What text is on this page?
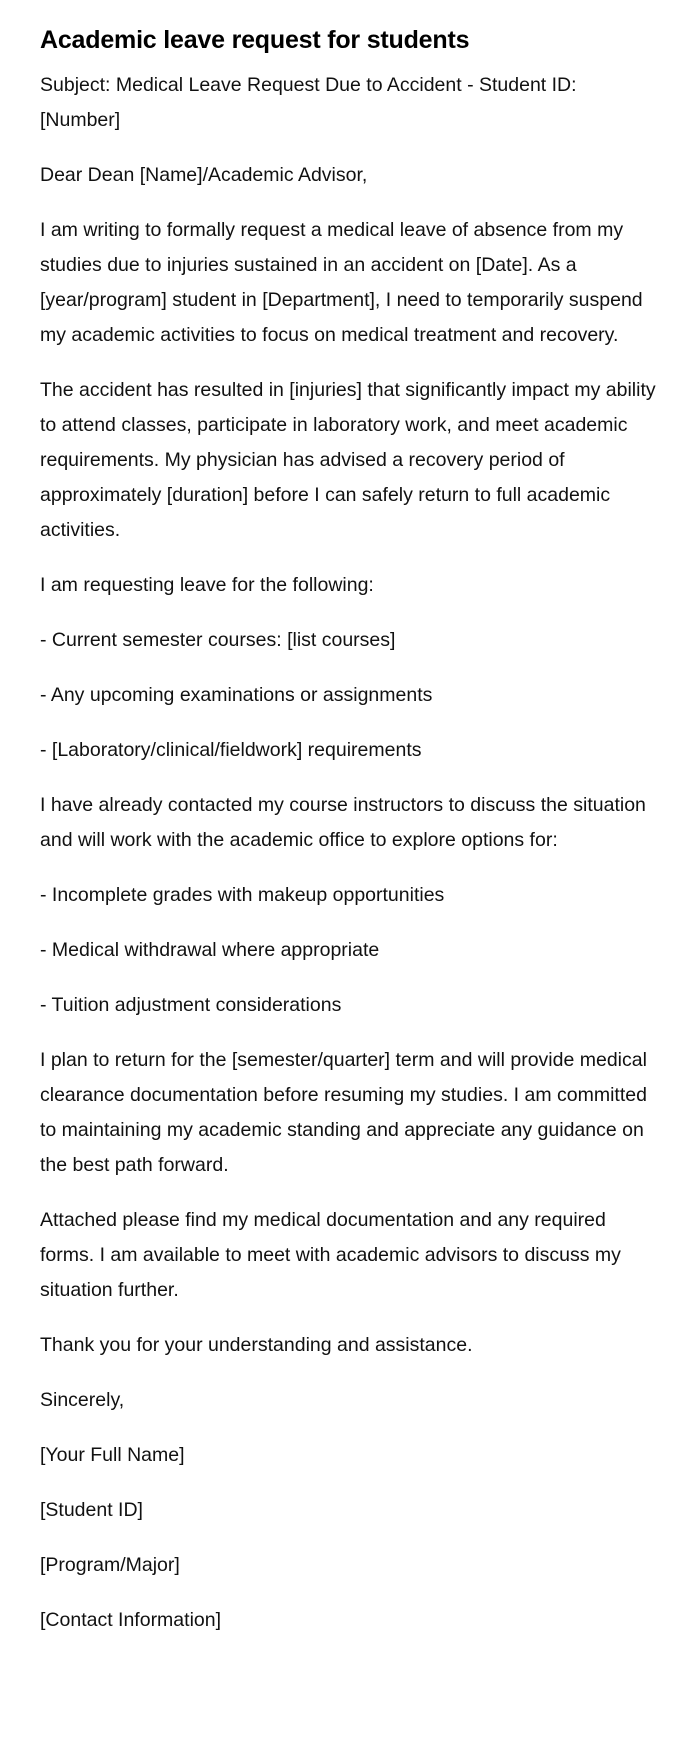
Academic leave request for students

Subject: Medical Leave Request Due to Accident - Student ID: [Number]

Dear Dean [Name]/Academic Advisor,

I am writing to formally request a medical leave of absence from my studies due to injuries sustained in an accident on [Date]. As a [year/program] student in [Department], I need to temporarily suspend my academic activities to focus on medical treatment and recovery.

The accident has resulted in [injuries] that significantly impact my ability to attend classes, participate in laboratory work, and meet academic requirements. My physician has advised a recovery period of approximately [duration] before I can safely return to full academic activities.

I am requesting leave for the following:

- Current semester courses: [list courses]

- Any upcoming examinations or assignments

- [Laboratory/clinical/fieldwork] requirements

I have already contacted my course instructors to discuss the situation and will work with the academic office to explore options for:

- Incomplete grades with makeup opportunities

- Medical withdrawal where appropriate

- Tuition adjustment considerations

I plan to return for the [semester/quarter] term and will provide medical clearance documentation before resuming my studies. I am committed to maintaining my academic standing and appreciate any guidance on the best path forward.

Attached please find my medical documentation and any required forms. I am available to meet with academic advisors to discuss my situation further.

Thank you for your understanding and assistance.

Sincerely,

[Your Full Name]

[Student ID]

[Program/Major]

[Contact Information]
